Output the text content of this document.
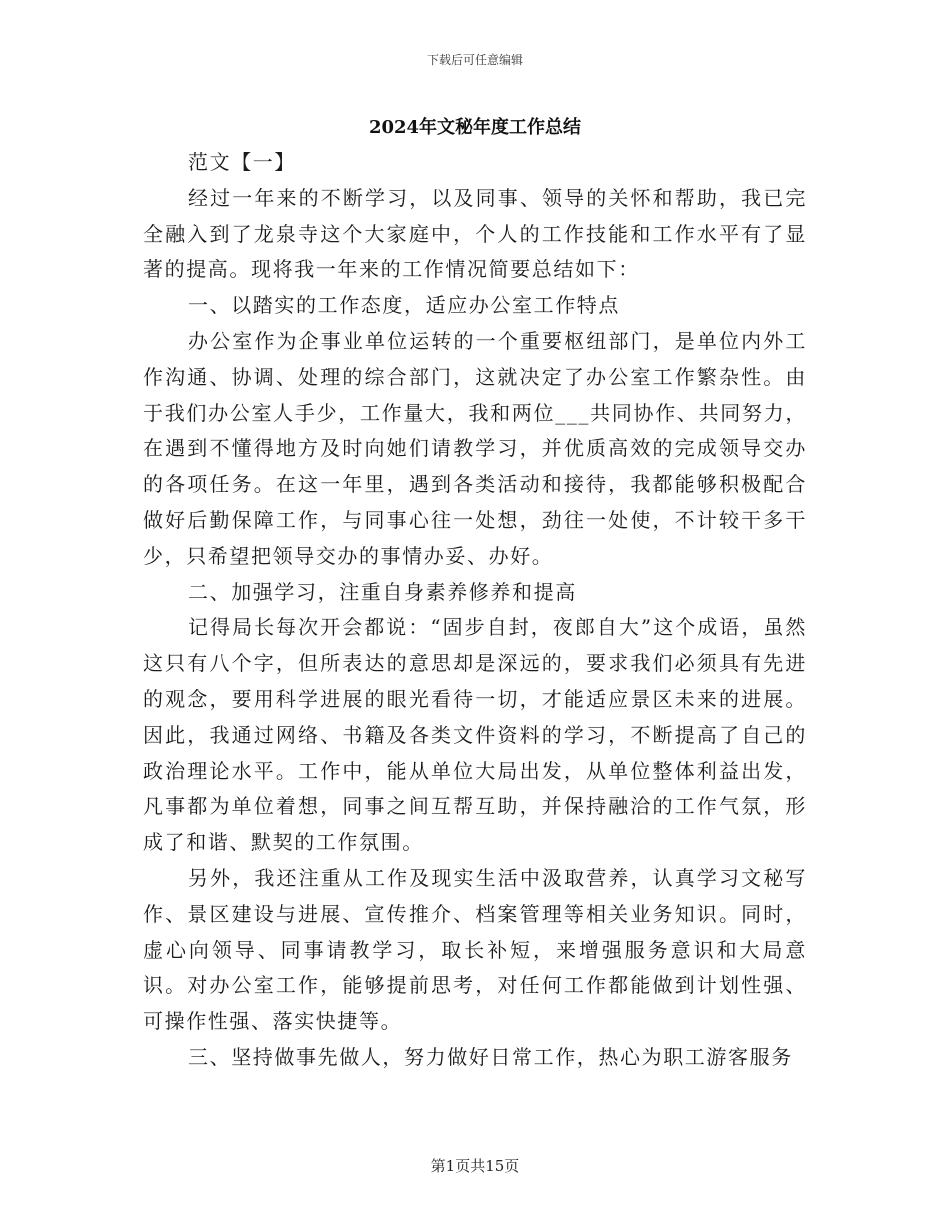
下载后可任意编辑
2024年文秘年度工作总结

范文【一】

经过一年来的不断学习，以及同事、领导的关怀和帮助，我已完全融入到了龙泉寺这个大家庭中，个人的工作技能和工作水平有了显著的提高。现将我一年来的工作情况简要总结如下：

一、以踏实的工作态度，适应办公室工作特点

办公室作为企事业单位运转的一个重要枢纽部门，是单位内外工作沟通、协调、处理的综合部门，这就决定了办公室工作繁杂性。由于我们办公室人手少，工作量大，我和两位___共同协作、共同努力，在遇到不懂得地方及时向她们请教学习，并优质高效的完成领导交办的各项任务。在这一年里，遇到各类活动和接待，我都能够积极配合做好后勤保障工作，与同事心往一处想，劲往一处使，不计较干多干少，只希望把领导交办的事情办妥、办好。

二、加强学习，注重自身素养修养和提高

记得局长每次开会都说：“固步自封，夜郎自大”这个成语，虽然这只有八个字，但所表达的意思却是深远的，要求我们必须具有先进的观念，要用科学进展的眼光看待一切，才能适应景区未来的进展。因此，我通过网络、书籍及各类文件资料的学习，不断提高了自己的政治理论水平。工作中，能从单位大局出发，从单位整体利益出发，凡事都为单位着想，同事之间互帮互助，并保持融洽的工作气氛，形成了和谐、默契的工作氛围。

另外，我还注重从工作及现实生活中汲取营养，认真学习文秘写作、景区建设与进展、宣传推介、档案管理等相关业务知识。同时，虚心向领导、同事请教学习，取长补短，来增强服务意识和大局意识。对办公室工作，能够提前思考，对任何工作都能做到计划性强、可操作性强、落实快捷等。

三、坚持做事先做人，努力做好日常工作，热心为职工游客服务

第1页共15页
